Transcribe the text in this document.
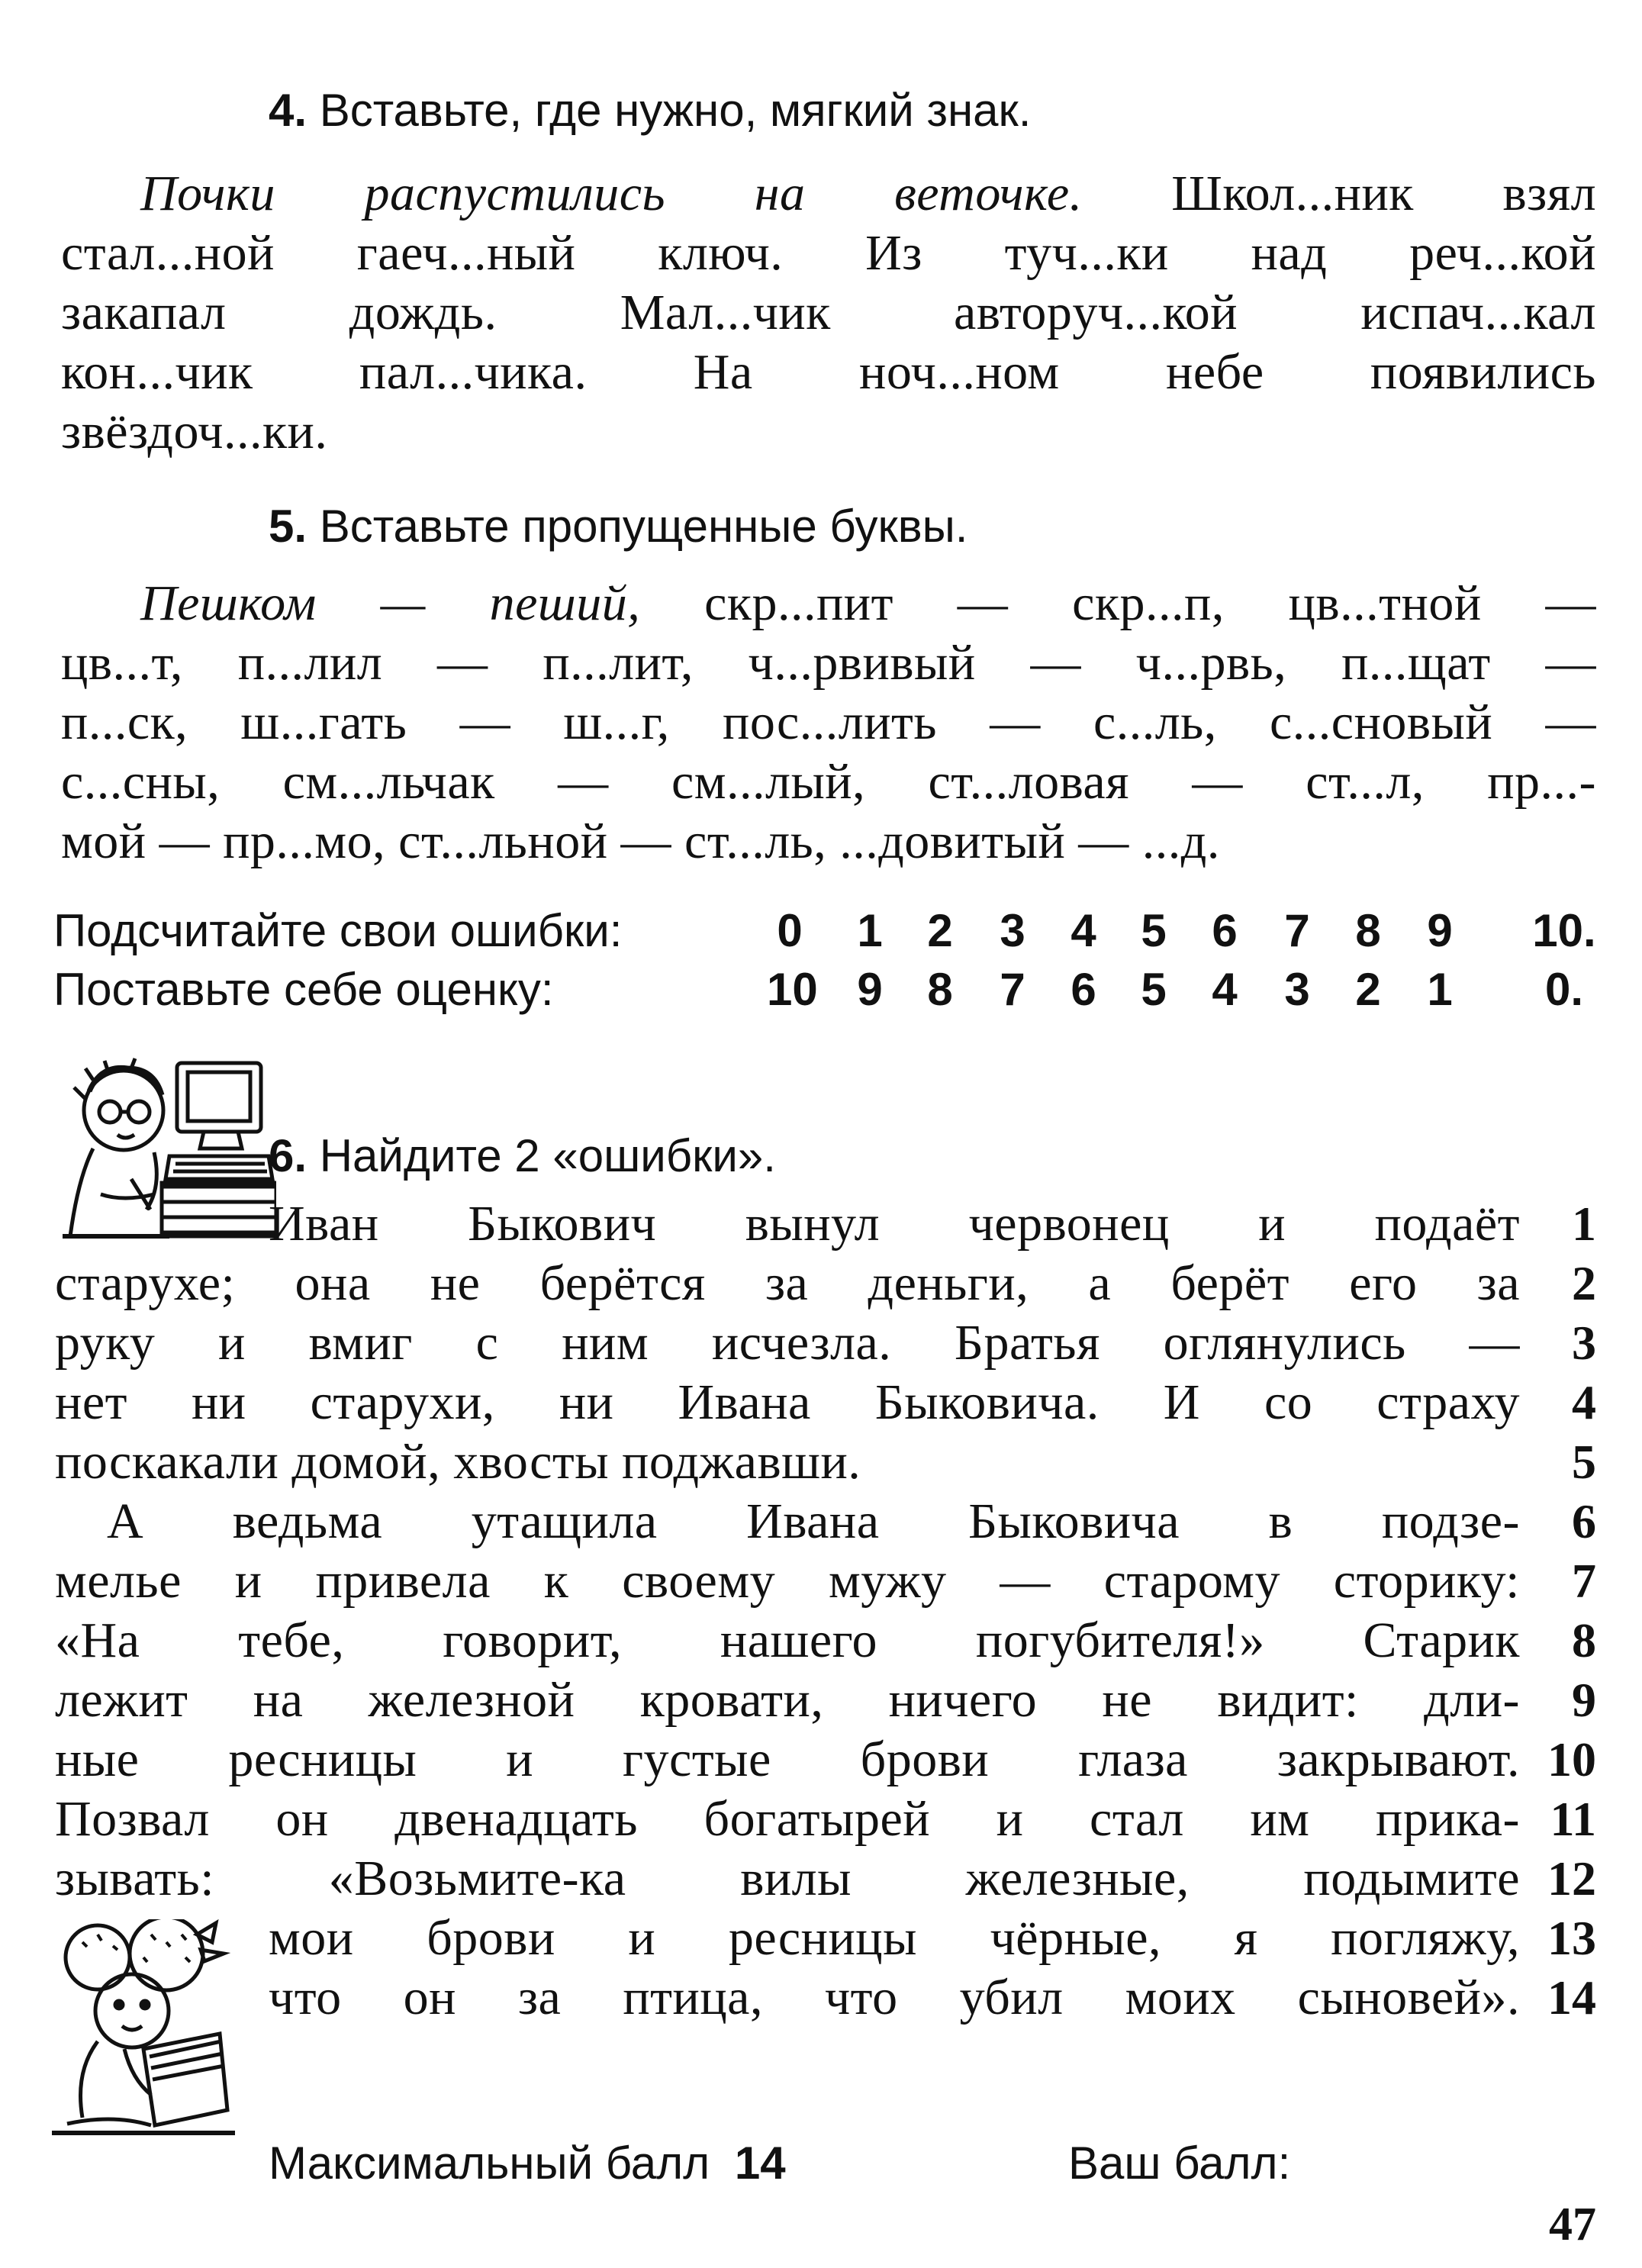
4. Вставьте, где нужно, мягкий знак.
Почки распустились на веточке. Школ...ник взял
стал...ной гаеч...ный ключ. Из туч...ки над реч...кой
закапал дождь. Мал...чик автоpуч...кой испач...кал
кон...чик пал...чика. На ноч...ном небе появились
звёздоч...ки.
5. Вставьте пропущенные буквы.
Пешком — пеший, скр...пит — скр...п, цв...тной —
цв...т, п...лил — п...лит, ч...рвивый — ч...рвь, п...щат —
п...ск, ш...гать — ш...г, пос...лить — с...ль, с...сновый —
с...сны, см...льчак — см...лый, ст...ловая — ст...л, пр...-
мой — пр...мо, ст...льной — ст...ль, ...довитый — ...д.
Подсчитайте свои ошибки:
Поставьте себе оценку:
0 1 2 3 4 5 6 7 8 9 10.
10 9 8 7 6 5 4 3 2 1	0.
6. Найдите 2 «ошибки».
1
2
3
4
5
6
7
8
9
10
11
12
13
14
Максимальный балл 14	Ваш балл:
47
Иван Быкович вынул червонец и подаёт
старухе; она не берётся за деньги, а берёт его за
руку и вмиг с ним исчезла. Братья оглянулись —
нет ни старухи, ни Ивана Быковича. И со страху
поскакали домой, хвосты поджавши.
А ведьма утащила Ивана Быковича в подзе-
мелье и привела к своему мужу — старому сторику:
«На тебе, говорит, нашего погубителя!» Старик
лежит на железной кровати, ничего не видит: дли-
ные ресницы и густые брови глаза закрывают.
Позвал он двенадцать богатырей и стал им прика-
зывать: «Возьмите-ка вилы железные, подымите
мои брови и ресницы чёрные, я погляжу,
что он за птица, что убил моих сыновей».
